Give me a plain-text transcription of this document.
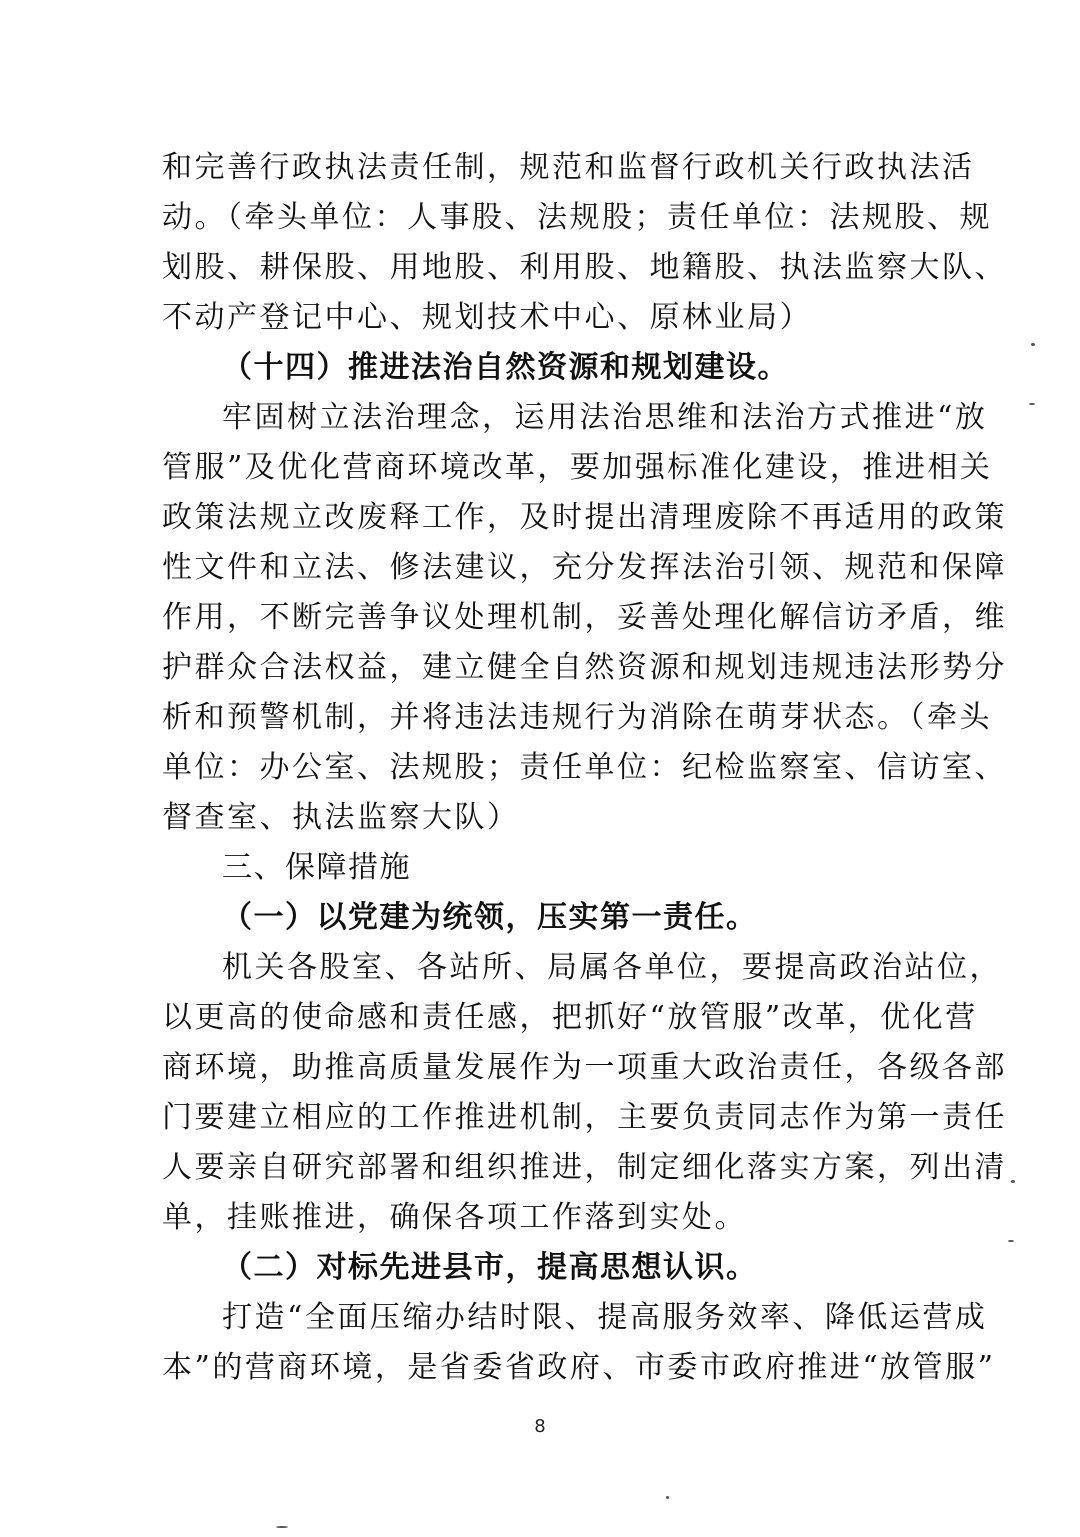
和完善行政执法责任制，规范和监督行政机关行政执法活
动。（牵头单位：人事股、法规股；责任单位：法规股、规
划股、耕保股、用地股、利用股、地籍股、执法监察大队、
不动产登记中心、规划技术中心、原林业局）
（十四）推进法治自然资源和规划建设。
牢固树立法治理念，运用法治思维和法治方式推进“放
管服”及优化营商环境改革，要加强标准化建设，推进相关
政策法规立改废释工作，及时提出清理废除不再适用的政策
性文件和立法、修法建议，充分发挥法治引领、规范和保障
作用，不断完善争议处理机制，妥善处理化解信访矛盾，维
护群众合法权益，建立健全自然资源和规划违规违法形势分
析和预警机制，并将违法违规行为消除在萌芽状态。（牵头
单位：办公室、法规股；责任单位：纪检监察室、信访室、
督查室、执法监察大队）
三、保障措施
（一）以党建为统领，压实第一责任。
机关各股室、各站所、局属各单位，要提高政治站位，
以更高的使命感和责任感，把抓好“放管服”改革，优化营
商环境，助推高质量发展作为一项重大政治责任，各级各部
门要建立相应的工作推进机制，主要负责同志作为第一责任
人要亲自研究部署和组织推进，制定细化落实方案，列出清
单，挂账推进，确保各项工作落到实处。
（二）对标先进县市，提高思想认识。
打造“全面压缩办结时限、提高服务效率、降低运营成
本”的营商环境，是省委省政府、市委市政府推进“放管服”
8
